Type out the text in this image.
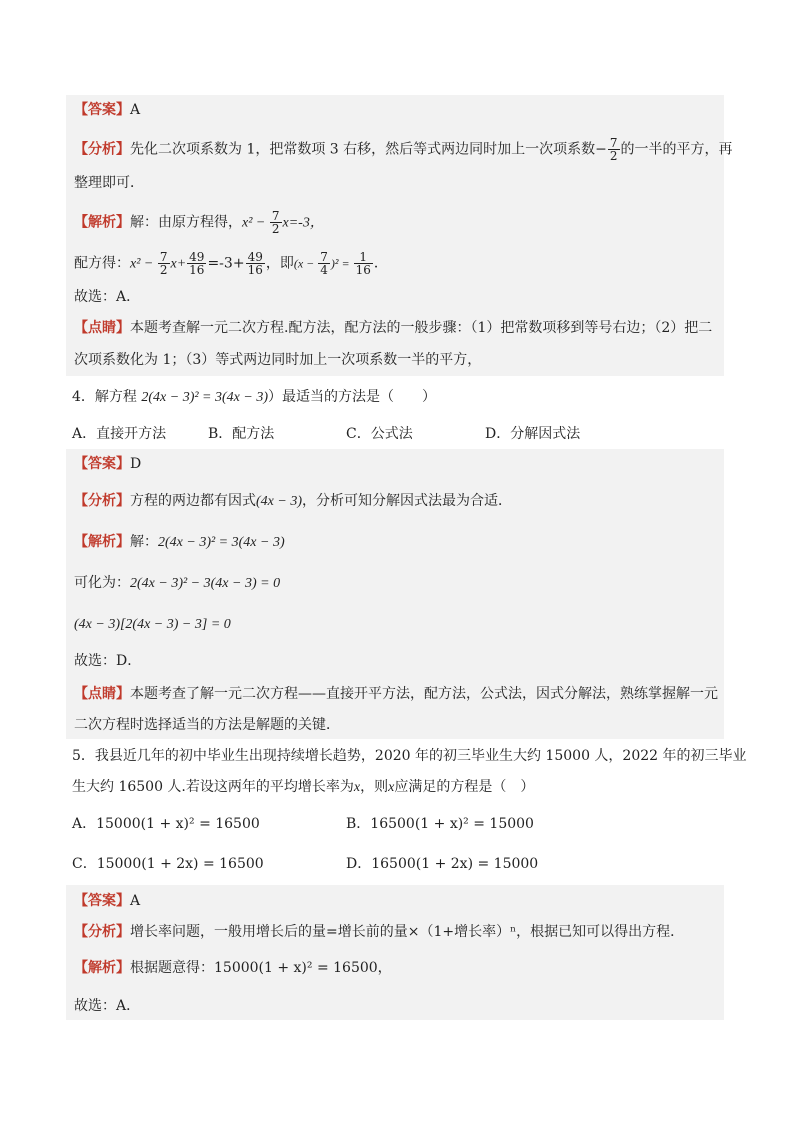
【答案】A
【分析】先化二次项系数为 1，把常数项 3 右移，然后等式两边同时加上一次项系数− $\frac{7}{2}$ 的一半的平方，再
整理即可．
【解析】解：由原方程得，$x^2 - \frac{7}{2} x=-3$，
配方得：$x^2 - \frac{7}{2} x+ \frac{49}{16} =-3+ \frac{49}{16}$ ，即$(x - \frac{7}{4} )^2 = \frac{1}{16}$ ．
故选：A．
【点睛】本题考查解一元二次方程.配方法，配方法的一般步骤：（1）把常数项移到等号右边；（2）把二
次项系数化为 1；（3）等式两边同时加上一次项系数一半的平方，
4．解方程 2(4x − 3)² = 3(4x − 3)）最适当的方法是（　　）
A．直接开方法	B．配方法	C．公式法	D．分解因式法
【答案】D
【分析】方程的两边都有因式(4x − 3)，分析可知分解因式法最为合适．
【解析】解：2(4x − 3)² = 3(4x − 3)
可化为：2(4x − 3)² − 3(4x − 3) = 0
(4x − 3)[2(4x − 3) − 3] = 0
故选：D．
【点睛】本题考查了解一元二次方程——直接开平方法，配方法，公式法，因式分解法，熟练掌握解一元
二次方程时选择适当的方法是解题的关键．
5．我县近几年的初中毕业生出现持续增长趋势，2020 年的初三毕业生大约 15000 人，2022 年的初三毕业
生大约 16500 人.若设这两年的平均增长率为x，则x应满足的方程是（　）
A．15000(1 + x)² = 16500	B．16500(1 + x)² = 15000
C．15000(1 + 2x) = 16500	D．16500(1 + 2x) = 15000
【答案】A
【分析】增长率问题，一般用增长后的量=增长前的量×（1+增长率）ⁿ，根据已知可以得出方程．
【解析】根据题意得：15000(1 + x)² = 16500，
故选：A．
